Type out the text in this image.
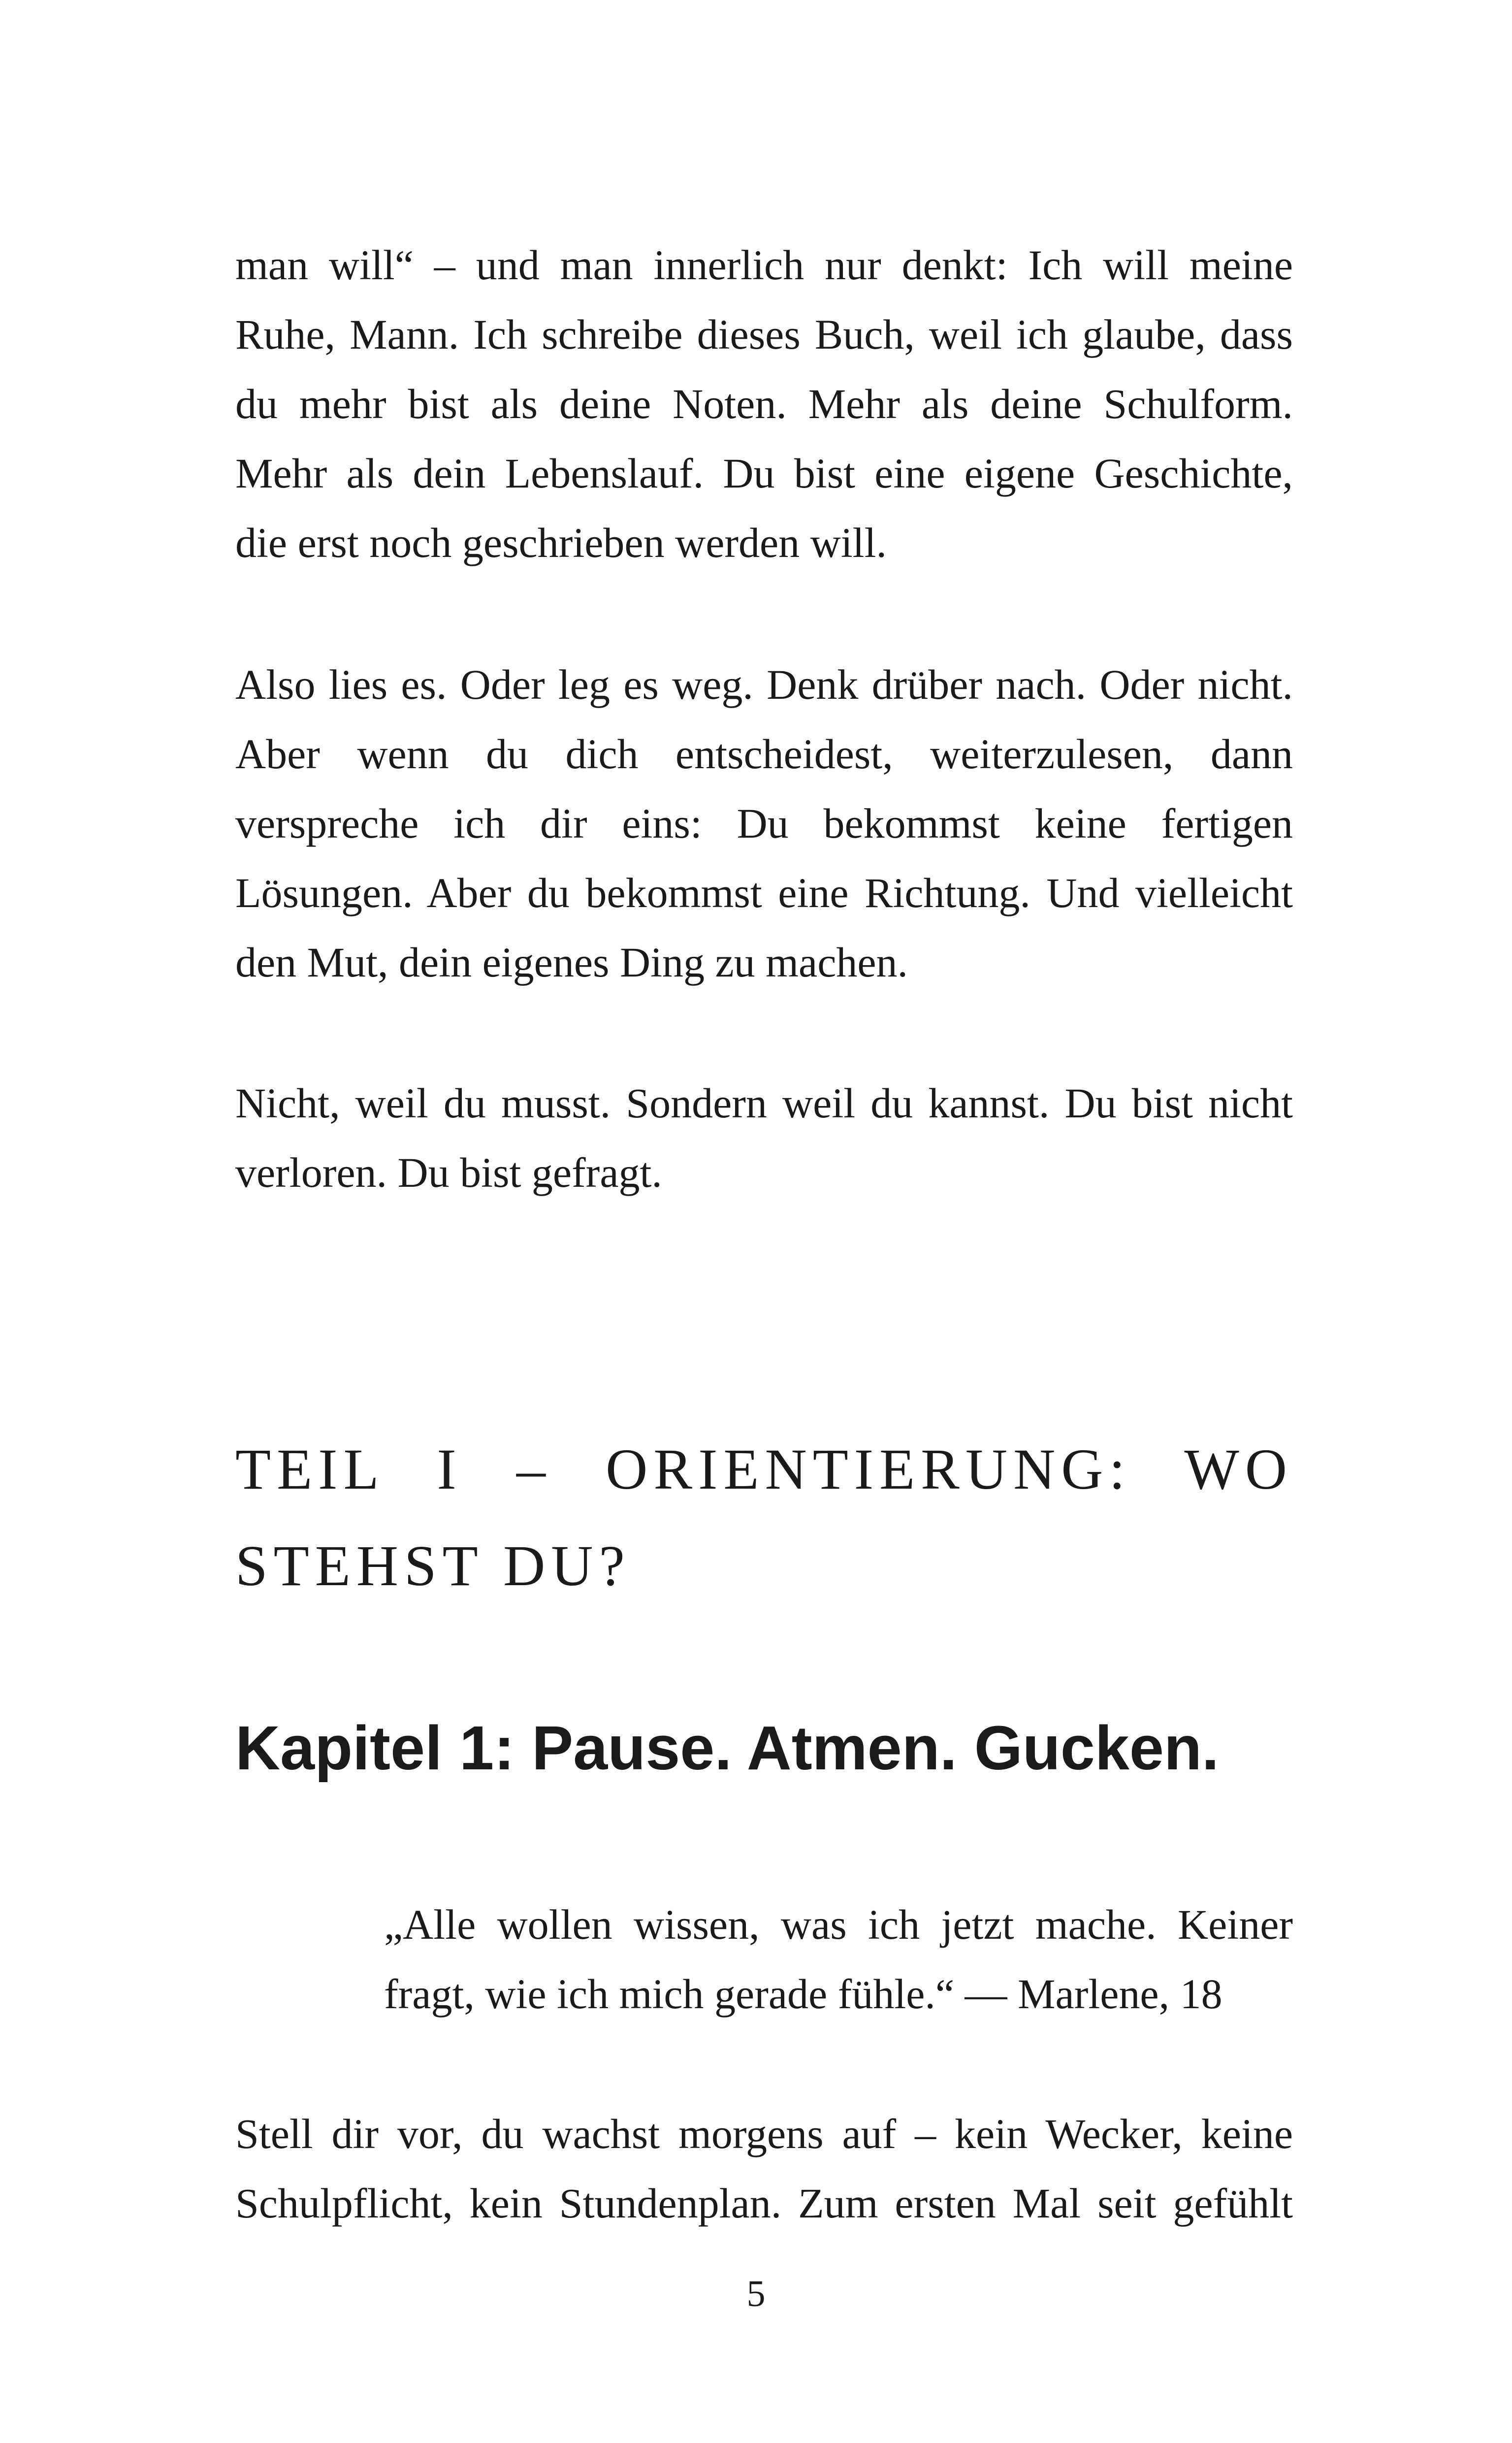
man will“ – und man innerlich nur denkt: Ich will meine
Ruhe, Mann. Ich schreibe dieses Buch, weil ich glaube, dass
du mehr bist als deine Noten. Mehr als deine Schulform.
Mehr als dein Lebenslauf. Du bist eine eigene Geschichte,
die erst noch geschrieben werden will.
Also lies es. Oder leg es weg. Denk drüber nach. Oder nicht.
Aber wenn du dich entscheidest, weiterzulesen, dann
verspreche ich dir eins: Du bekommst keine fertigen
Lösungen. Aber du bekommst eine Richtung. Und vielleicht
den Mut, dein eigenes Ding zu machen.
Nicht, weil du musst. Sondern weil du kannst. Du bist nicht
verloren. Du bist gefragt.
TEIL I – ORIENTIERUNG: WO
STEHST DU?
Kapitel 1: Pause. Atmen. Gucken.
„Alle wollen wissen, was ich jetzt mache. Keiner
fragt, wie ich mich gerade fühle.“ — Marlene, 18
Stell dir vor, du wachst morgens auf – kein Wecker, keine
Schulpflicht, kein Stundenplan. Zum ersten Mal seit gefühlt

5
